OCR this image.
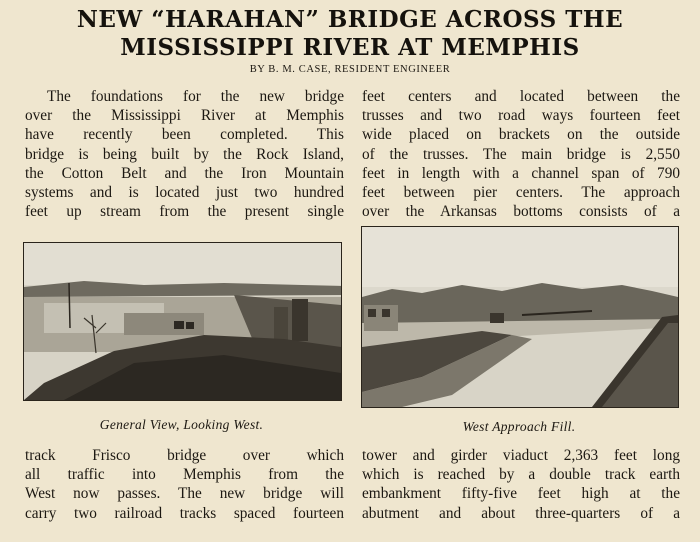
NEW “HARAHAN” BRIDGE ACROSS THE
MISSISSIPPI RIVER AT MEMPHIS
BY B. M. CASE, RESIDENT ENGINEER

The foundations for the new bridge

over the Mississippi River at Memphis

have recently been completed. This

bridge is being built by the Rock Island,

the Cotton Belt and the Iron Mountain

systems and is located just two hundred

feet up stream from the present single

feet centers and located between the

trusses and two road ways fourteen feet

wide placed on brackets on the outside

of the trusses. The main bridge is 2,550

feet in length with a channel span of 790

feet between pier centers. The approach

over the Arkansas bottoms consists of a

General View, Looking West.	West Approach Fill.

track Frisco bridge over which

all traffic into Memphis from the

West now passes. The new bridge will

carry two railroad tracks spaced fourteen

tower and girder viaduct 2,363 feet long

which is reached by a double track earth

embankment fifty-five feet high at the

abutment and about three-quarters of a
